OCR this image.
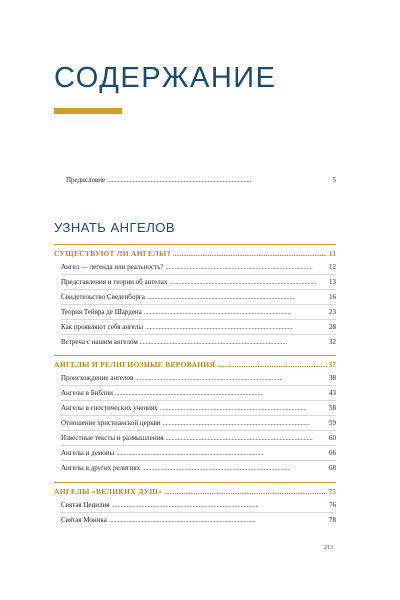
СОДЕРЖАНИЕ
Предисловие . . .	5
УЗНАТЬ АНГЕЛОВ
СУЩЕСТВУЮТ ЛИ АНГЕЛЫ? . . .	11
Ангел — легенда или реальность? . . .	12
Представления и теории об ангелах . . .	13
Свидетельство Сведенборга . . .	16
Теория Тейяра де Шардена . . .	23
Как проявляют себя ангелы . . .	28
Встреча с нашим ангелом . . .	32
АНГЕЛЫ И РЕЛИГИОЗНЫЕ ВЕРОВАНИЯ . . .	37
Происхождение ангелов . . .	38
Ангелы в Библии . . .	43
Ангелы в гностических учениях . . .	58
Отношение христианской церкви . . .	59
Известные тексты и размышления . . .	60
Ангелы и демоны . . .	66
Ангелы в других религиях . . .	68
АНГЕЛЫ «ВЕЛИКИХ ДУШ» . . .	75
Святая Цецилия . . .	76
Святая Моника . . .	78
213
